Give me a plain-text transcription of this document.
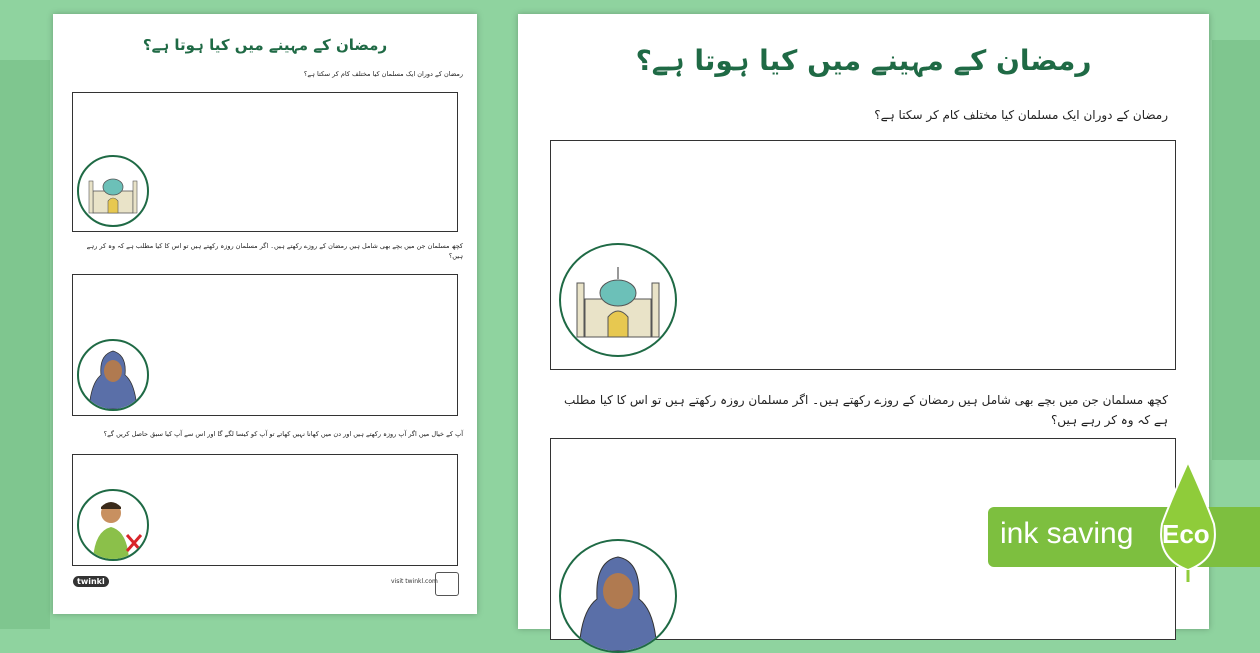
رمضان کے مہینے میں کیا ہوتا ہے؟
رمضان کے دوران ایک مسلمان کیا مختلف کام کر سکتا ہے؟
کچھ مسلمان جن میں بچے بھی شامل ہیں رمضان کے روزے رکھتے ہیں۔ اگر مسلمان روزہ رکھتے ہیں تو اس کا کیا مطلب ہے کہ وہ کر رہے ہیں؟
آپ کے خیال میں اگر آپ روزہ رکھتے ہیں اور دن میں کھانا نہیں کھاتے تو آپ کو کیسا لگے گا اور اس سے آپ کیا سبق حاصل کریں گے؟
twinkl	visit twinkl.com
رمضان کے مہینے میں کیا ہوتا ہے؟
رمضان کے دوران ایک مسلمان کیا مختلف کام کر سکتا ہے؟
کچھ مسلمان جن میں بچے بھی شامل ہیں رمضان کے روزے رکھتے ہیں۔ اگر مسلمان روزہ رکھتے ہیں تو اس کا کیا مطلب ہے کہ وہ کر رہے ہیں؟
ink saving Eco
